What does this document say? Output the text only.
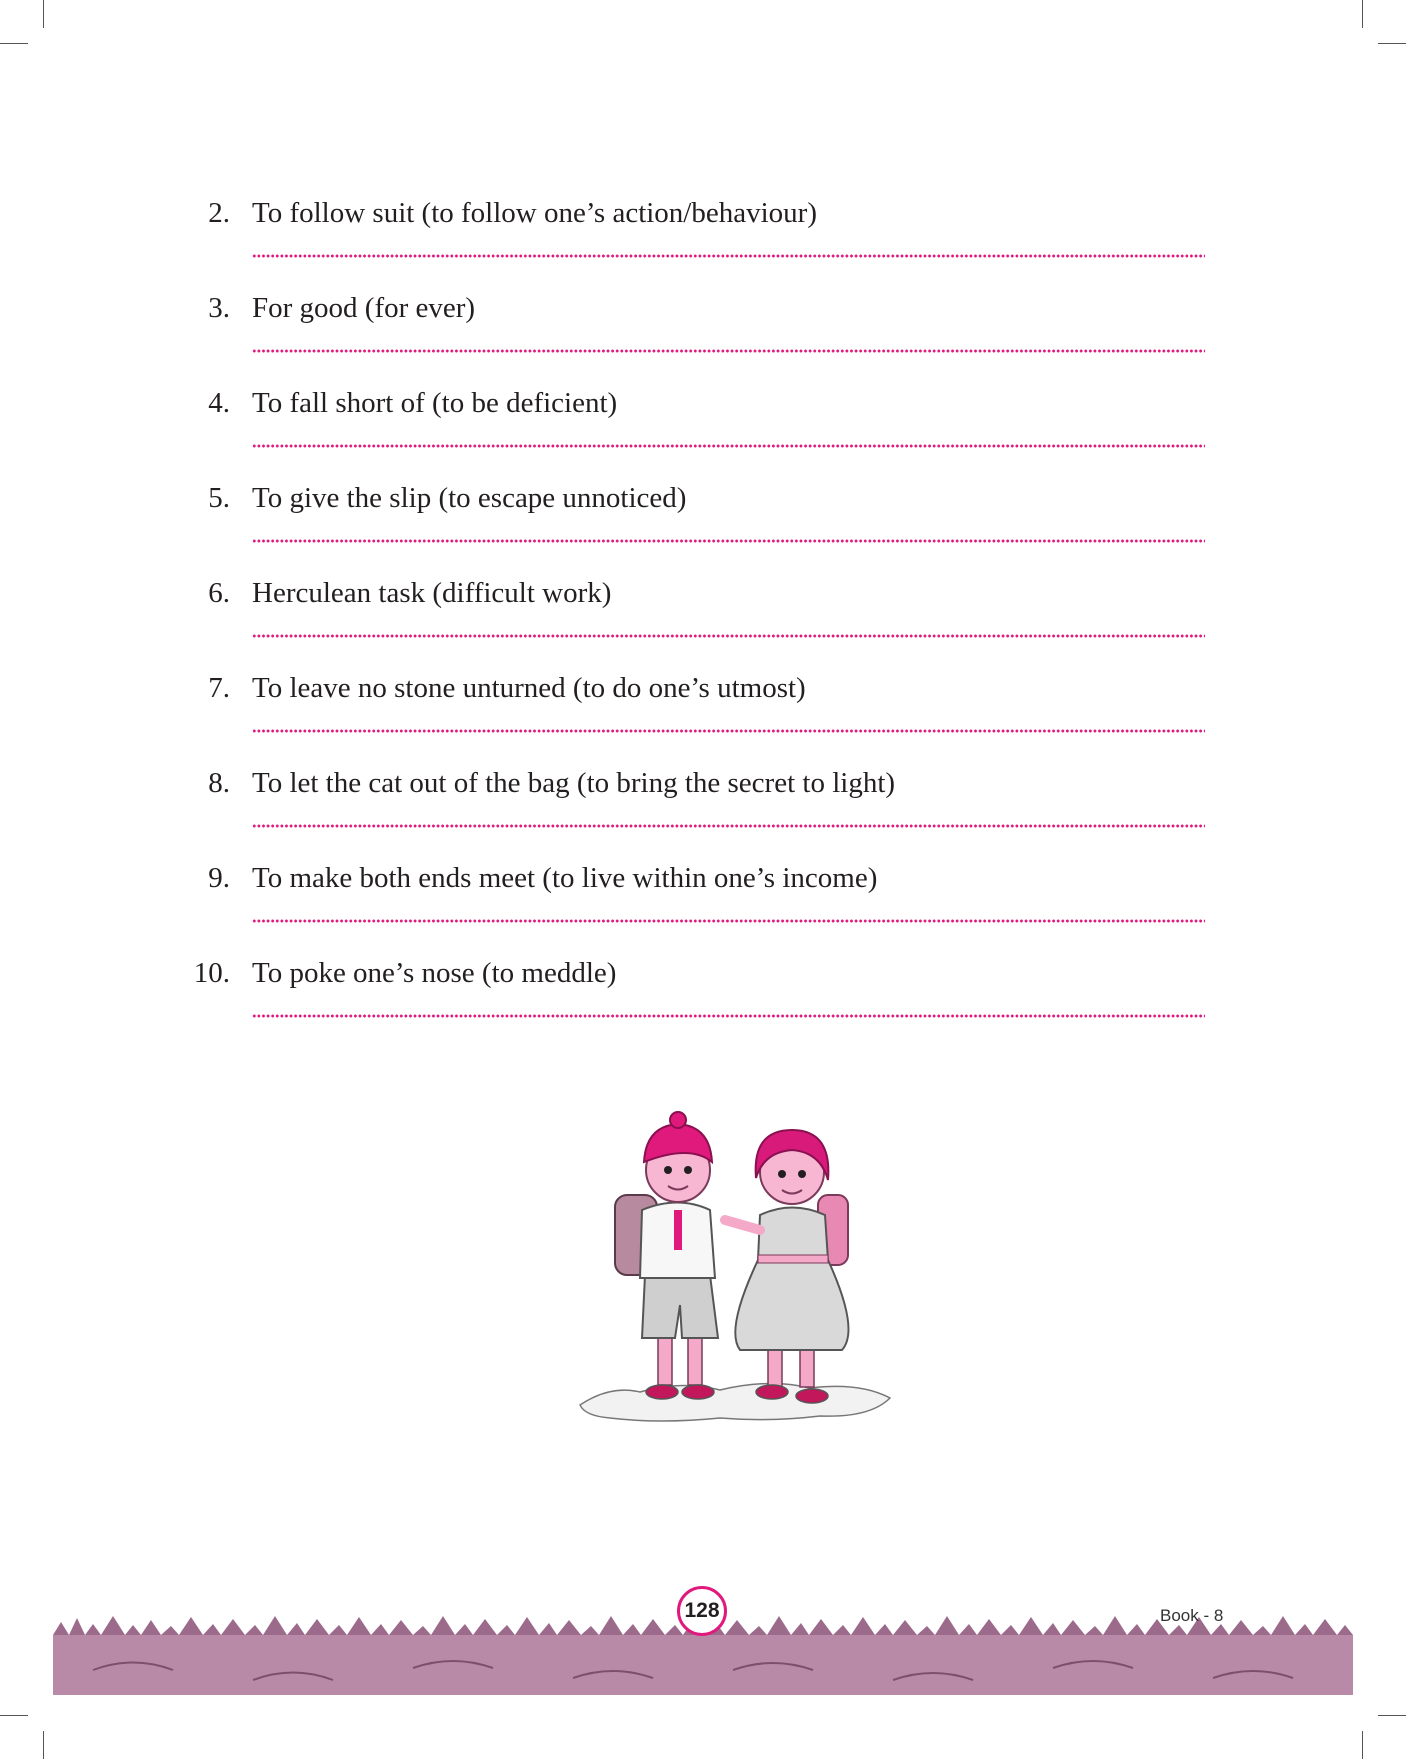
2. To follow suit (to follow one’s action/behaviour)
3. For good (for ever)
4. To fall short of (to be deficient)
5. To give the slip (to escape unnoticed)
6. Herculean task (difficult work)
7. To leave no stone unturned (to do one’s utmost)
8. To let the cat out of the bag (to bring the secret to light)
9. To make both ends meet (to live within one’s income)
10. To poke one’s nose (to meddle)
128	Book - 8
